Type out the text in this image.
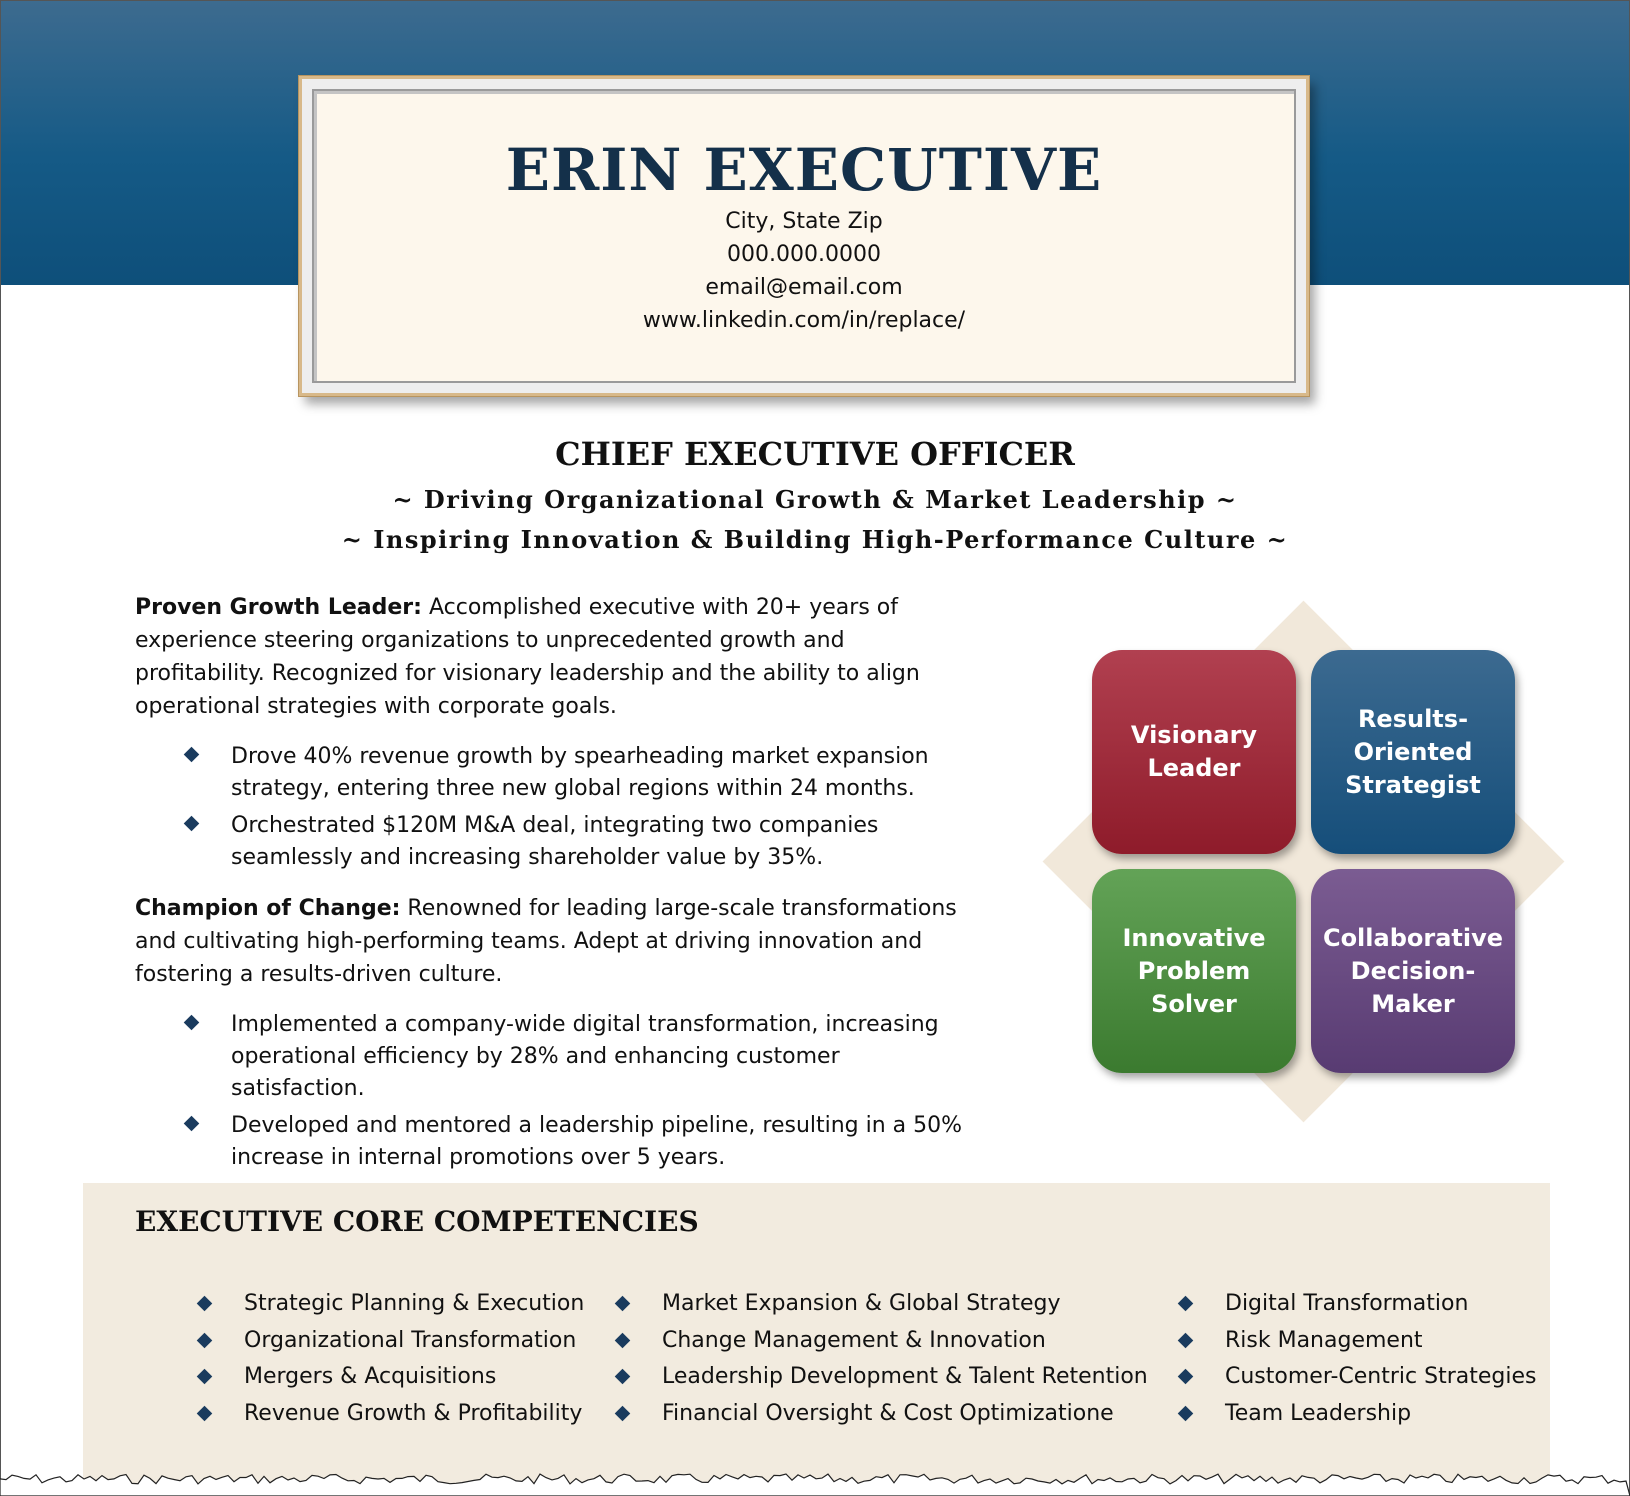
ERIN EXECUTIVE
City, State Zip
000.000.0000
email@email.com
www.linkedin.com/in/replace/
CHIEF EXECUTIVE OFFICER
~ Driving Organizational Growth & Market Leadership ~
~ Inspiring Innovation & Building High-Performance Culture ~
Proven Growth Leader: Accomplished executive with 20+ years of experience steering organizations to unprecedented growth and profitability. Recognized for visionary leadership and the ability to align operational strategies with corporate goals.
Drove 40% revenue growth by spearheading market expansion strategy, entering three new global regions within 24 months.
Orchestrated $120M M&A deal, integrating two companies seamlessly and increasing shareholder value by 35%.
Champion of Change: Renowned for leading large-scale transformations and cultivating high-performing teams. Adept at driving innovation and fostering a results-driven culture.
Implemented a company-wide digital transformation, increasing operational efficiency by 28% and enhancing customer satisfaction.
Developed and mentored a leadership pipeline, resulting in a 50% increase in internal promotions over 5 years.
Visionary
Leader
Results-
Oriented
Strategist
Innovative
Problem
Solver
Collaborative
Decision-
Maker
EXECUTIVE CORE COMPETENCIES
Strategic Planning & Execution
Organizational Transformation
Mergers & Acquisitions
Revenue Growth & Profitability
Market Expansion & Global Strategy
Change Management & Innovation
Leadership Development & Talent Retention
Financial Oversight & Cost Optimizatione
Digital Transformation
Risk Management
Customer-Centric Strategies
Team Leadership
